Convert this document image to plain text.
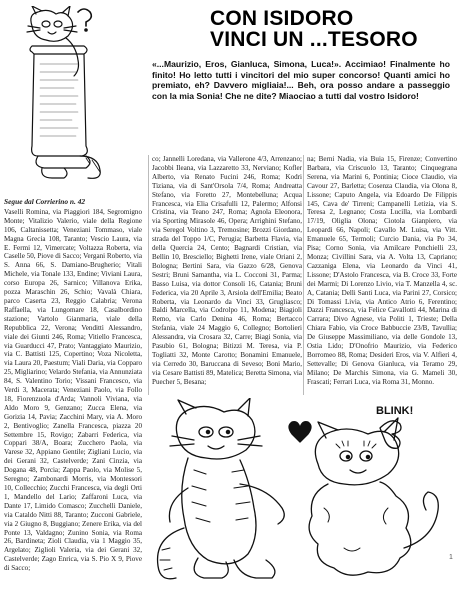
CON ISIDORO
VINCI UN ...TESORO
«...Maurizio, Eros, Gianluca, Simona, Luca!». Accimiao! Finalmente ho finito! Ho letto tutti i vincitori del mio super concorso! Quanti amici ho premiato, eh? Davvero migliaia!... Beh, ora posso andare a passeggio con la mia Sonia! Che ne dite? Miaociao a tutti dal vostro Isidoro!
Segue dal Corrierino n. 42
Vaselli Romina, via Piaggiori 184, Segromigno Monte; Vitalizio Valerio, viale della Regione 106, Caltanissetta; Veneziani Tommaso, viale Magna Grecia 108, Taranto; Vescio Laura, via E. Fermi 12, Vimercate; Voltazza Roberta, via Caselle 50, Piove di Sacco; Vergani Roberto, via S. Anna 66, S. Damiano-Brugherio; Vitali Michele, via Tonale 133, Endine; Viviani Laura, corso Europa 26, Sarnico; Villanova Erika, pozza Maraschin 26, Schio; Vavalà Chiara, parco Caserta 23, Reggio Calabria; Verona Raffaella, via Lungomare 18, Casalbordino stazione; Vartolo Gianmaria, viale della Repubblica 22, Verona; Vendittì Alessandro, viale dei Giunti 246, Roma; Vitiello Francesca, via Guarducci 47, Prato; Vantaggiato Maurizio, via C. Battisti 125, Copertino; Voza Nicoletta, via Laura 20, Paestum; Viali Daria, via Copparo 25, Migliarino; Velardo Stefania, via Annunziata 84, S. Valentino Torio; Vissani Francesco, via Verdi 3, Macerata; Veneziani Paolo, via Follo 18, Fiorenzuola d'Arda; Vannoli Viviana, via Aldo Moro 9, Genzano; Zucca Elena, via Gorizia 14, Pavia; Zacchini Mary, via A. Moro 2, Bentivoglio; Zanella Francesca, piazza 20 Settembre 15, Rovigo; Zabarri Federica, via Coppari 38/A, Boara; Zucchero Paola, via Varese 32, Appiano Gentile; Zigliani Lucio, via dei Gerani 32, Castelverde; Zani Cinzia, via Dogana 48, Porcia; Zappa Paolo, via Molise 5, Seregno; Zambonardi Morris, via Montessori 10, Collecchio; Zucchi Francesca, via degli Orti 1, Mandello del Lario; Zaffaroni Luca, via Dante 17, Limido Comasco; Zucchelli Daniele, via Cataldo Nitti 88, Taranto; Zucconi Gabriele, via 2 Giugno 8, Buggiano; Zenere Erika, via del Ponte 13, Valdagno; Zunino Sonia, via Roma 26, Bardineta; Zioli Claudia, via 1 Maggio 35, Argelato; Ziglioli Valeria, via dei Gerani 32, Castelverde; Zago Enrica, via S. Pio X 9, Piove di Sacco;
co; Jannelli Loredana, via Vallerone 4/3, Arrenzano; Jacobbi Ileana, via Lazzaretto 33, Nerviano; Kofler Alberto, via Renato Fucini 246, Roma; Kodri Tiziana, via di Sant'Orsola 7/4, Roma; Andreatta Stefano, via Foretto 27, Montebelluna; Acqua Francesca, via Elia Crisafulli 12, Palermo; Alfonsi Cristina, via Teano 247, Roma; Agnola Eleonora, via Sporting Mirasole 46, Opera; Arrighini Stefano, via Seregol Voltino 3, Tremosine; Brozzi Giordano, strada del Toppo 1/C, Perugia; Barbetta Flavia, via della Quercia 24, Cento; Bagnardi Cristian, via Bellin 10, Bresciello; Bighetti Irene, viale Oriani 2, Bologna; Bertini Sara, via Gazzo 6/28, Genova Sestri; Bruni Samantha, via L. Cocconi 31, Parma; Basso Luisa, via dottor Consoli 16, Catania; Bruni Federica, via 20 Aprile 3, Arsiola dell'Emilia; Beato Roberta, via Leonardo da Vinci 33, Grugliasco; Baldi Marcella, via Codrolpo 11, Modena; Biagioli Remo, via Carlo Denina 46, Roma; Bertacco Stefania, viale 24 Maggio 6, Collegno; Bortolieri Alessandra, via Crosara 32, Carre; Biagi Sonia, via Pasubio 61, Bologna; Bitizzi M. Teresa, via P. Togliatti 32, Monte Carotto; Bonamini Emanuele, via Cerredo 30, Baruccana di Seveso; Boni Mario, via Cesare Battisti 89, Matelica; Beretta Simona, via Puecher 5, Besana;
na; Berni Nadia, via Buia 15, Firenze; Convertino Barbara, via Criscuolo 13, Taranto; Cinquegrana Serena, via Marini 6, Pontinia; Cioce Claudio, via Cavour 27, Barletta; Cosenza Claudia, via Olona 8, Lissone; Caputo Angela, via Edoardo De Filippis 145, Cava de' Tirreni; Campanelli Letizia, via S. Teresa 2, Legnano; Costa Lucilla, via Lombardi 17/19, Oliglia Olona; Ciotola Gianpiero, via Leopardi 66, Napoli; Cavallo M. Luisa, via Vitt. Emanuele 65, Termoli; Curcio Dania, via Po 34, Pisa; Corno Sonia, via Amilcare Ponchielli 23, Monza; Civillini Sara, via A. Volta 13, Capriano; Cazzaniga Elena, via Leonardo da Vinci 41, Lissone; D'Astolo Francesca, via B. Croce 33, Forte dei Marmi; Di Lorenzo Livio, via T. Manzella 4, sc. A, Catania; Delli Santi Luca, via Parini 27, Corsico; Di Tomassi Livia, via Antico Atrio 6, Ferentino; Dazzi Francesca, via Felice Cavallotti 44, Marina di Carrara; Divo Agnese, via Politi 1, Trieste; Della Chiara Fabio, via Croce Babbuccie 23/B, Tavullia; De Giuseppe Massimiliano, via delle Gondole 13, Ostia Lido; D'Onofrio Maurizio, via Federico Borromeo 88, Roma; Desideri Eros, via V. Alfieri 4, Settevalle; Di Genova Gianluca, via Teramo 29, Milano; De Marchis Simona, via G. Mameli 30, Frascati; Ferrari Luca, via Roma 31, Monno.
BLINK!
1
